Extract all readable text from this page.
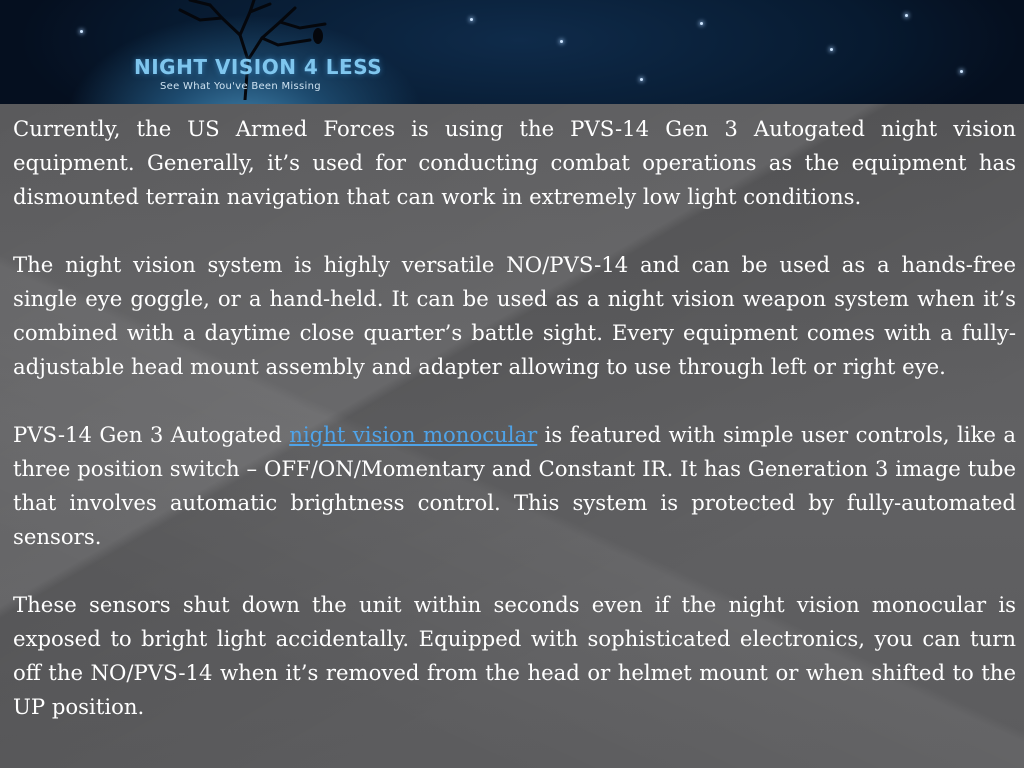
NIGHT VISION 4 LESS
See What You've Been Missing

Currently, the US Armed Forces is using the PVS-14 Gen 3 Autogated night vision equipment. Generally, it’s used for conducting combat operations as the equipment has dismounted terrain navigation that can work in extremely low light conditions.

The night vision system is highly versatile NO/PVS-14 and can be used as a hands-free single eye goggle, or a hand-held. It can be used as a night vision weapon system when it’s combined with a daytime close quarter’s battle sight. Every equipment comes with a fully-adjustable head mount assembly and adapter allowing to use through left or right eye.

PVS-14 Gen 3 Autogated night vision monocular is featured with simple user controls, like a three position switch – OFF/ON/Momentary and Constant IR. It has Generation 3 image tube that involves automatic brightness control. This system is protected by fully-automated sensors.

These sensors shut down the unit within seconds even if the night vision monocular is exposed to bright light accidentally. Equipped with sophisticated electronics, you can turn off the NO/PVS-14 when it’s removed from the head or helmet mount or when shifted to the UP position.
